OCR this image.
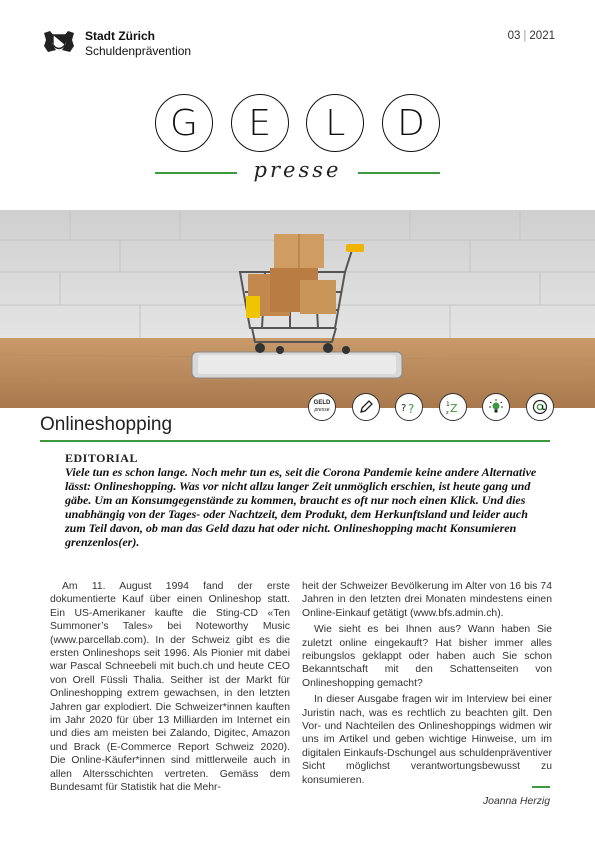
Stadt Zürich
Schuldenprävention
03 | 2021
G	E	L	D
presse
GELD
presse	? ?	1 Z
z
Onlineshopping
EDITORIAL
Viele tun es schon lange. Noch mehr tun es, seit die Corona Pandemie keine andere Alternative lässt: Onlineshopping. Was vor nicht allzu langer Zeit unmöglich erschien, ist heute gang und gäbe. Um an Konsumgegenstände zu kommen, braucht es oft nur noch einen Klick. Und dies unabhängig von der Tages- oder Nachtzeit, dem Produkt, dem Herkunftsland und leider auch zum Teil davon, ob man das Geld dazu hat oder nicht. Onlineshopping macht Konsumieren grenzenlos(er).

Am 11. August 1994 fand der erste dokumentierte Kauf über einen Onlineshop statt. Ein US-Amerikaner kaufte die Sting-CD «Ten Summoner’s Tales» bei Noteworthy Music (www.parcellab.com). In der Schweiz gibt es die ersten Onlineshops seit 1996. Als Pionier mit dabei war Pascal Schneebeli mit buch.ch und heute CEO von Orell Füssli Thalia. Seither ist der Markt für Onlineshopping extrem gewachsen, in den letzten Jahren gar explodiert. Die Schweizer*innen kauften im Jahr 2020 für über 13 Milliarden im Internet ein und dies am meisten bei Zalando, Digitec, Amazon und Brack (E-Commerce Report Schweiz 2020). Die Online-Käufer*innen sind mittlerweile auch in allen Altersschichten vertreten. Gemäss dem Bundesamt für Statistik hat die Mehr-

heit der Schweizer Bevölkerung im Alter von 16 bis 74 Jahren in den letzten drei Monaten mindestens einen Online-Einkauf getätigt (www.bfs.admin.ch).

Wie sieht es bei Ihnen aus? Wann haben Sie zuletzt online eingekauft? Hat bisher immer alles reibungslos geklappt oder haben auch Sie schon Bekanntschaft mit den Schattenseiten von Onlineshopping gemacht?

In dieser Ausgabe fragen wir im Interview bei einer Juristin nach, was es rechtlich zu beachten gilt. Den Vor- und Nachteilen des Onlineshoppings widmen wir uns im Artikel und geben wichtige Hinweise, um im digitalen Einkaufs-Dschungel aus schuldenpräventiver Sicht möglichst verantwortungsbewusst zu konsumieren.

Joanna Herzig
